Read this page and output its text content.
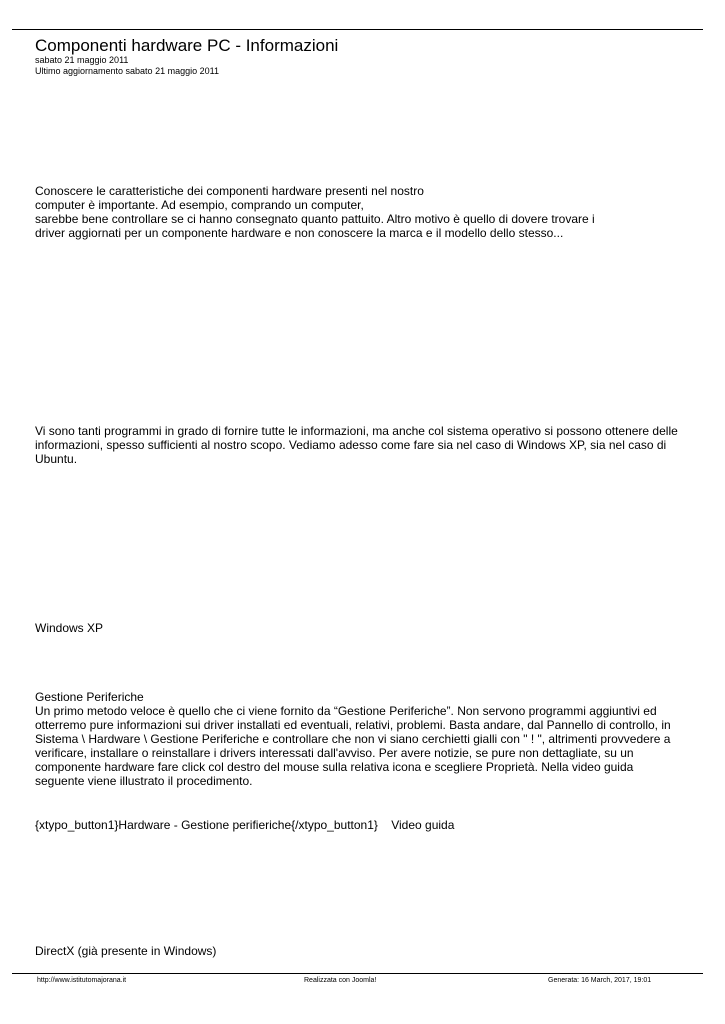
Componenti hardware PC - Informazioni
sabato 21 maggio 2011
Ultimo aggiornamento sabato 21 maggio 2011

Conoscere le caratteristiche dei componenti hardware presenti nel nostro
computer è importante. Ad esempio, comprando un computer,
sarebbe bene controllare se ci hanno consegnato quanto pattuito. Altro motivo è quello di dovere trovare i
driver aggiornati per un componente hardware e non conoscere la marca e il modello dello stesso...

Vi sono tanti programmi in grado di fornire tutte le informazioni, ma anche col sistema operativo si possono ottenere delle
informazioni, spesso sufficienti al nostro scopo. Vediamo adesso come fare sia nel caso di Windows XP, sia nel caso di
Ubuntu.

Windows XP

Gestione Periferiche
Un primo metodo veloce è quello che ci viene fornito da “Gestione Periferiche”. Non servono programmi aggiuntivi ed
otterremo pure informazioni sui driver installati ed eventuali, relativi, problemi. Basta andare, dal Pannello di controllo, in
Sistema \ Hardware \ Gestione Periferiche e controllare che non vi siano cerchietti gialli con " ! ", altrimenti provvedere a
verificare, installare o reinstallare i drivers interessati dall'avviso. Per avere notizie, se pure non dettagliate, su un
componente hardware fare click col destro del mouse sulla relativa icona e scegliere Proprietà. Nella video guida
seguente viene illustrato il procedimento.

{xtypo_button1}Hardware - Gestione perifieriche{/xtypo_button1}    Video guida

DirectX (già presente in Windows)

http://www.istitutomajorana.it	Realizzata con Joomla!	Generata: 16 March, 2017, 19:01
